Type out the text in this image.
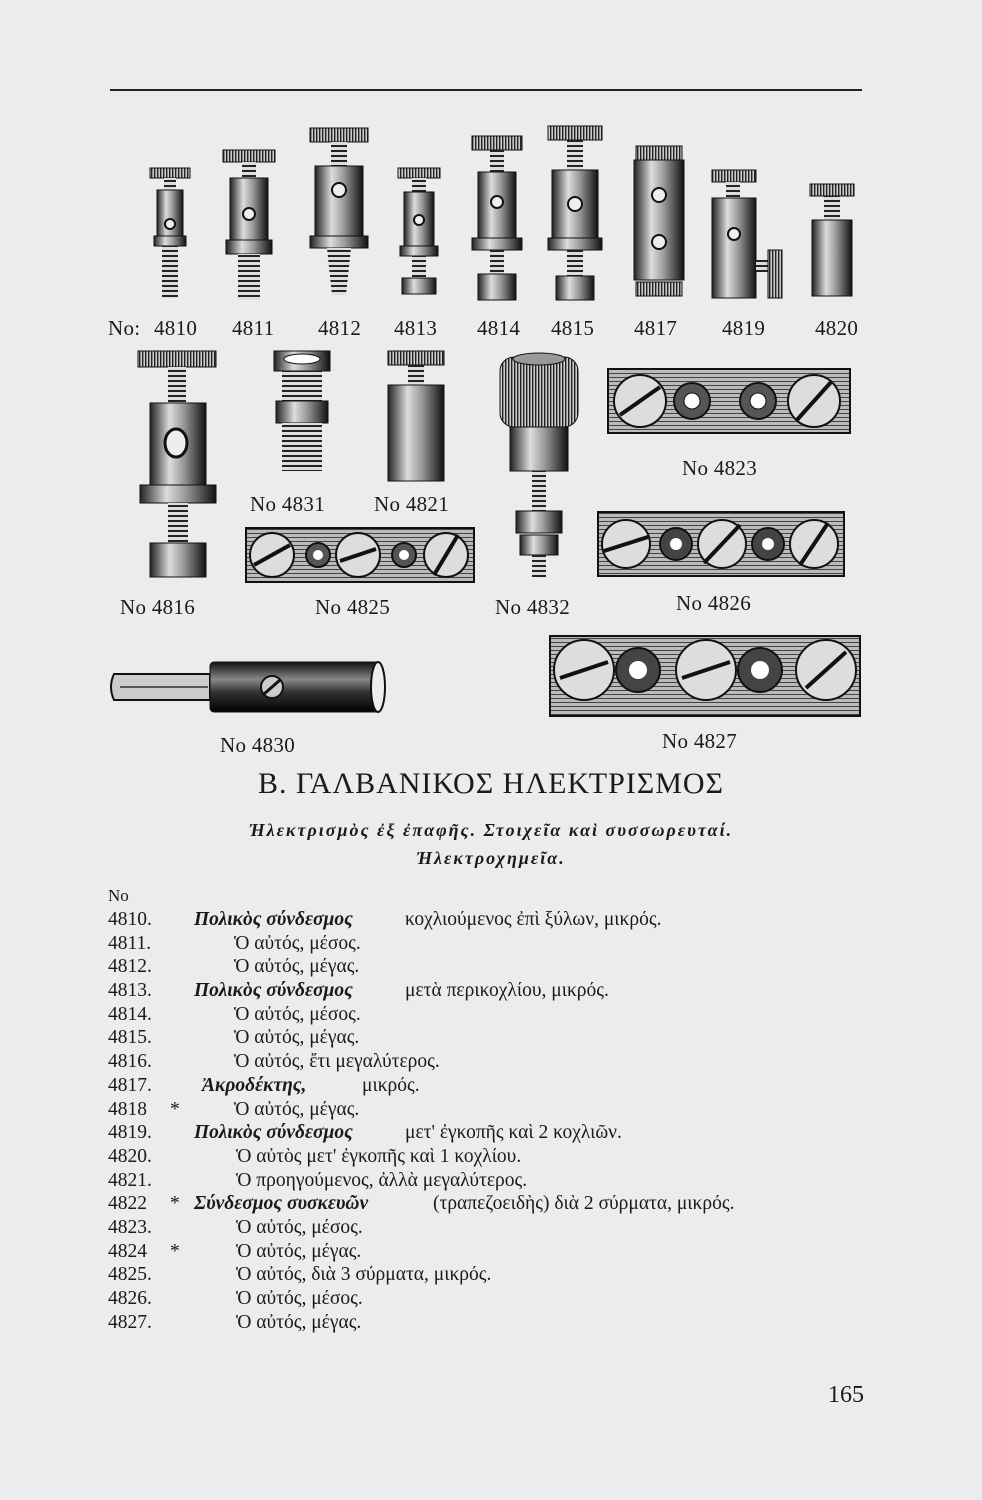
No: 4810 4811 4812 4813 4814 4815 4817 4819 4820
No 4831 No 4821
No 4823
No 4816	No 4825	No 4832	No 4826
No 4830	No 4827
B. ΓΑΛΒΑΝΙΚΟΣ ΗΛΕΚΤΡΙΣΜΟΣ
Ἠλεκτρισμὸς ἐξ ἐπαφῆς. Στοιχεῖα καὶ συσσωρευταί.
Ἠλεκτροχημεῖα.
No
4810. Πολικὸς σύνδεσμος	κοχλιούμενος ἐπὶ ξύλων, μικρός.
4811.	Ὁ αὐτός, μέσος.
4812.	Ὁ αὐτός, μέγας.
4813. Πολικὸς σύνδεσμος	μετὰ περικοχλίου, μικρός.
4814.	Ὁ αὐτός, μέσος.
4815.	Ὁ αὐτός, μέγας.
4816.	Ὁ αὐτός, ἔτι μεγαλύτερος.
4817.	Ἀκροδέκτης,	μικρός.
4818 *	Ὁ αὐτός, μέγας.
4819. Πολικὸς σύνδεσμος	μετ' ἐγκοπῆς καὶ 2 κοχλιῶν.
4820.	Ὁ αὐτὸς μετ' ἐγκοπῆς καὶ 1 κοχλίου.
4821.	Ὁ προηγούμενος, ἀλλὰ μεγαλύτερος.
4822 * Σύνδεσμος συσκευῶν	(τραπεζοειδὴς) διὰ 2 σύρματα, μικρός.
4823.	Ὁ αὐτός, μέσος.
4824 *	Ὁ αὐτός, μέγας.
4825.	Ὁ αὐτός, διὰ 3 σύρματα, μικρός.
4826.	Ὁ αὐτός, μέσος.
4827.	Ὁ αὐτός, μέγας.
165
